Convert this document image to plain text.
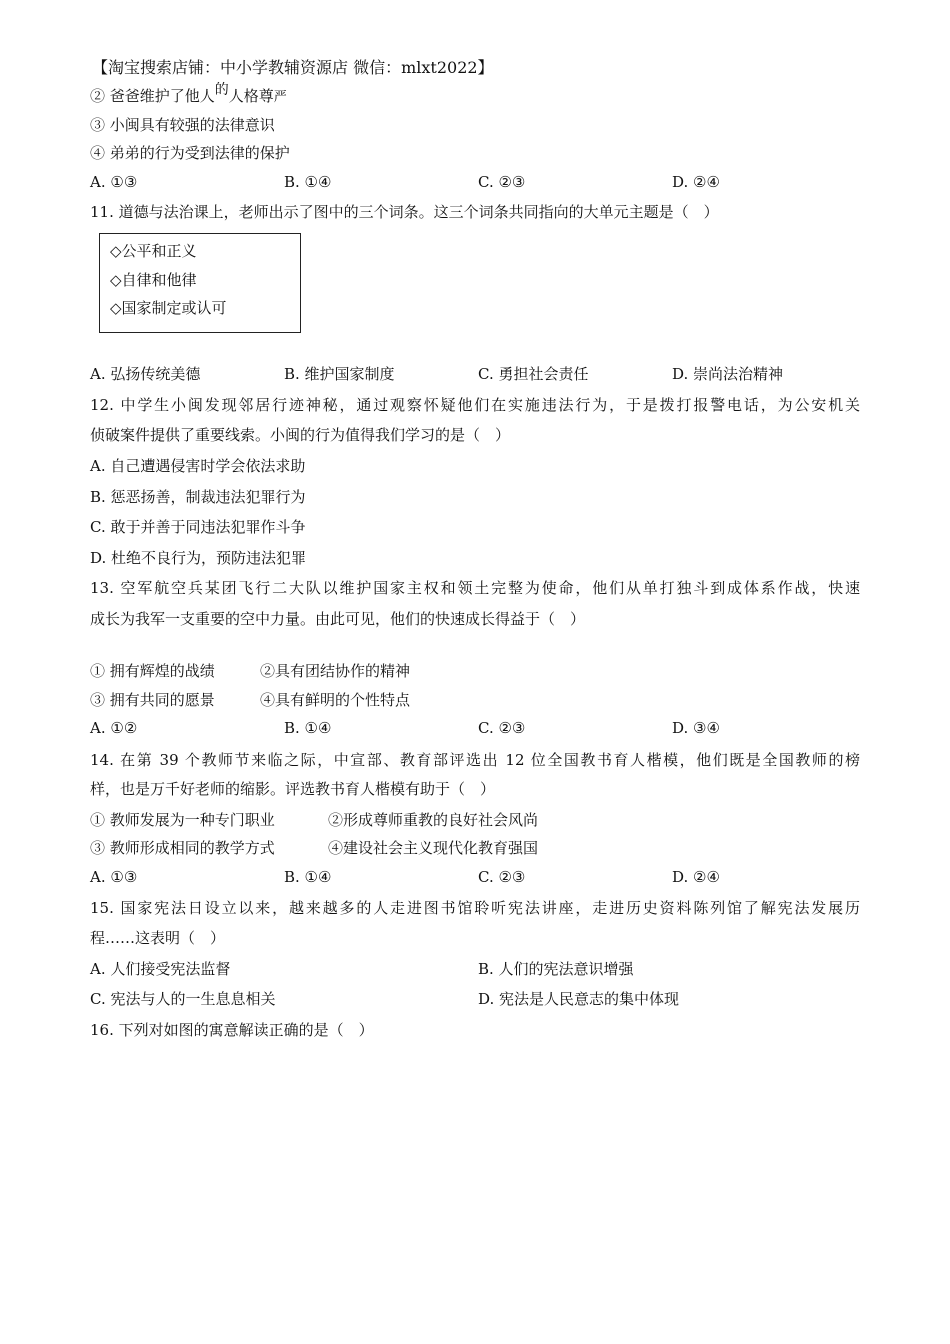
【淘宝搜索店铺：中小学教辅资源店 微信：mlxt2022】
② 爸爸维护了他人的人格尊严
③ 小闽具有较强的法律意识
④ 弟弟的行为受到法律的保护
A. ①③	B. ①④	C. ②③	D. ②④
11. 道德与法治课上，老师出示了图中的三个词条。这三个词条共同指向的大单元主题是（　）
◇公平和正义
◇自律和他律
◇国家制定或认可
A. 弘扬传统美德	B. 维护国家制度	C. 勇担社会责任	D. 崇尚法治精神
12. 中学生小闽发现邻居行迹神秘，通过观察怀疑他们在实施违法行为，于是拨打报警电话，为公安机关
侦破案件提供了重要线索。小闽的行为值得我们学习的是（　）
A. 自己遭遇侵害时学会依法求助
B. 惩恶扬善，制裁违法犯罪行为
C. 敢于并善于同违法犯罪作斗争
D. 杜绝不良行为，预防违法犯罪
13. 空军航空兵某团飞行二大队以维护国家主权和领土完整为使命，他们从单打独斗到成体系作战，快速
成长为我军一支重要的空中力量。由此可见，他们的快速成长得益于（　）
① 拥有辉煌的战绩	②具有团结协作的精神
③ 拥有共同的愿景	④具有鲜明的个性特点
A. ①②	B. ①④	C. ②③	D. ③④
14. 在第 39 个教师节来临之际，中宣部、教育部评选出 12 位全国教书育人楷模，他们既是全国教师的榜
样，也是万千好老师的缩影。评选教书育人楷模有助于（　）
① 教师发展为一种专门职业	②形成尊师重教的良好社会风尚
③ 教师形成相同的教学方式	④建设社会主义现代化教育强国
A. ①③	B. ①④	C. ②③	D. ②④
15. 国家宪法日设立以来，越来越多的人走进图书馆聆听宪法讲座，走进历史资料陈列馆了解宪法发展历
程……这表明（　）
A. 人们接受宪法监督	B. 人们的宪法意识增强
C. 宪法与人的一生息息相关	D. 宪法是人民意志的集中体现
16. 下列对如图的寓意解读正确的是（　）
